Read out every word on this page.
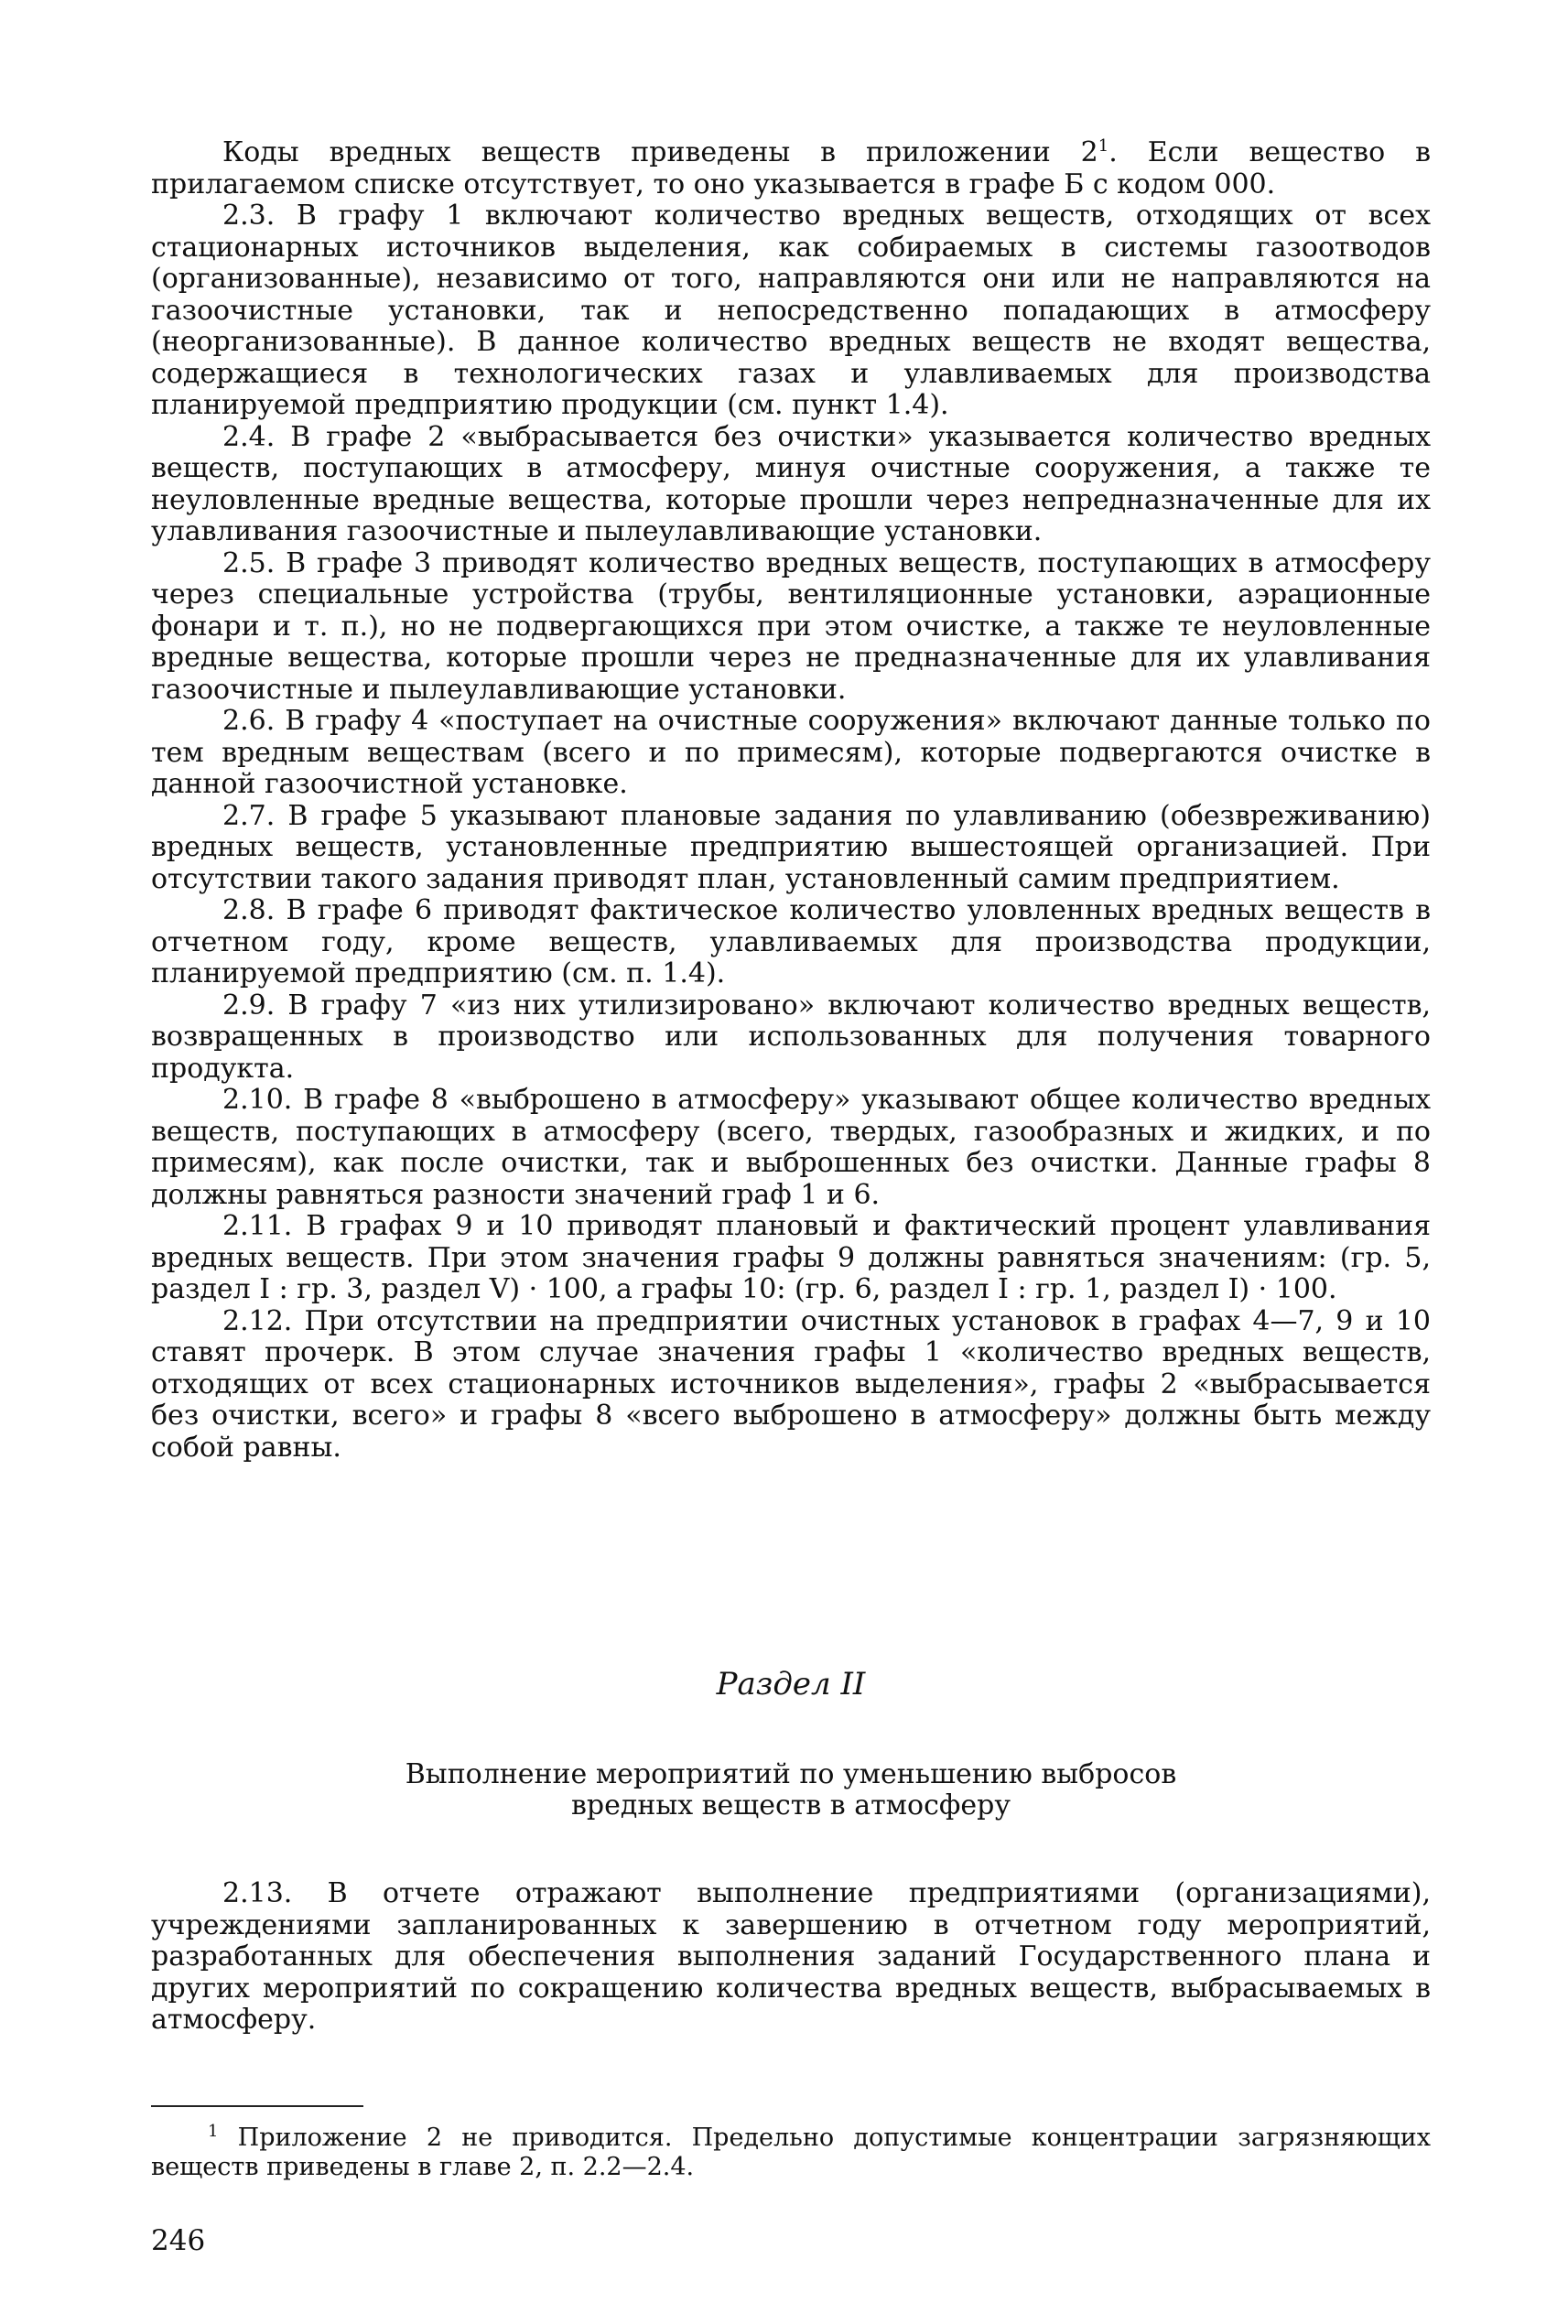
Коды вредных веществ приведены в приложении $2^1$. Если вещество в прилагаемом списке отсутствует, то оно указывается в графе Б с кодом 000.

2.3. В графу 1 включают количество вредных веществ, отходящих от всех стационарных источников выделения, как собираемых в системы газоотводов (организованные), независимо от того, направляются они или не направляются на газоочистные установки, так и непосредственно попадающих в атмосферу (неорганизованные). В данное количество вредных веществ не входят вещества, содержащиеся в технологических газах и улавливаемых для производства планируемой предприятию продукции (см. пункт 1.4).

2.4. В графе 2 «выбрасывается без очистки» указывается количество вредных веществ, поступающих в атмосферу, минуя очистные сооружения, а также те неуловленные вредные вещества, которые прошли через непредназначенные для их улавливания газоочистные и пылеулавливающие установки.

2.5. В графе 3 приводят количество вредных веществ, поступающих в атмосферу через специальные устройства (трубы, вентиляционные установки, аэрационные фонари и т. п.), но не подвергающихся при этом очистке, а также те неуловленные вредные вещества, которые прошли через не предназначенные для их улавливания газоочистные и пылеулавливающие установки.

2.6. В графу 4 «поступает на очистные сооружения» включают данные только по тем вредным веществам (всего и по примесям), которые подвергаются очистке в данной газоочистной установке.

2.7. В графе 5 указывают плановые задания по улавливанию (обезвреживанию) вредных веществ, установленные предприятию вышестоящей организацией. При отсутствии такого задания приводят план, установленный самим предприятием.

2.8. В графе 6 приводят фактическое количество уловленных вредных веществ в отчетном году, кроме веществ, улавливаемых для производства продукции, планируемой предприятию (см. п. 1.4).

2.9. В графу 7 «из них утилизировано» включают количество вредных веществ, возвращенных в производство или использованных для получения товарного продукта.

2.10. В графе 8 «выброшено в атмосферу» указывают общее количество вредных веществ, поступающих в атмосферу (всего, твердых, газообразных и жидких, и по примесям), как после очистки, так и выброшенных без очистки. Данные графы 8 должны равняться разности значений граф 1 и 6.

2.11. В графах 9 и 10 приводят плановый и фактический процент улавливания вредных веществ. При этом значения графы 9 должны равняться значениям: (гр. 5, раздел I : гр. 3, раздел V) · 100, а графы 10: (гр. 6, раздел I : гр. 1, раздел I) · 100.

2.12. При отсутствии на предприятии очистных установок в графах 4—7, 9 и 10 ставят прочерк. В этом случае значения графы 1 «количество вредных веществ, отходящих от всех стационарных источников выделения», графы 2 «выбрасывается без очистки, всего» и графы 8 «всего выброшено в атмосферу» должны быть между собой равны.

Раздел II

Выполнение мероприятий по уменьшению выбросов
вредных веществ в атмосферу

2.13. В отчете отражают выполнение предприятиями (организациями), учреждениями запланированных к завершению в отчетном году мероприятий, разработанных для обеспечения выполнения заданий Государственного плана и других мероприятий по сокращению количества вредных веществ, выбрасываемых в атмосферу.

$^1$ Приложение 2 не приводится. Предельно допустимые концентрации загрязняющих веществ приведены в главе 2, п. 2.2—2.4.

246
